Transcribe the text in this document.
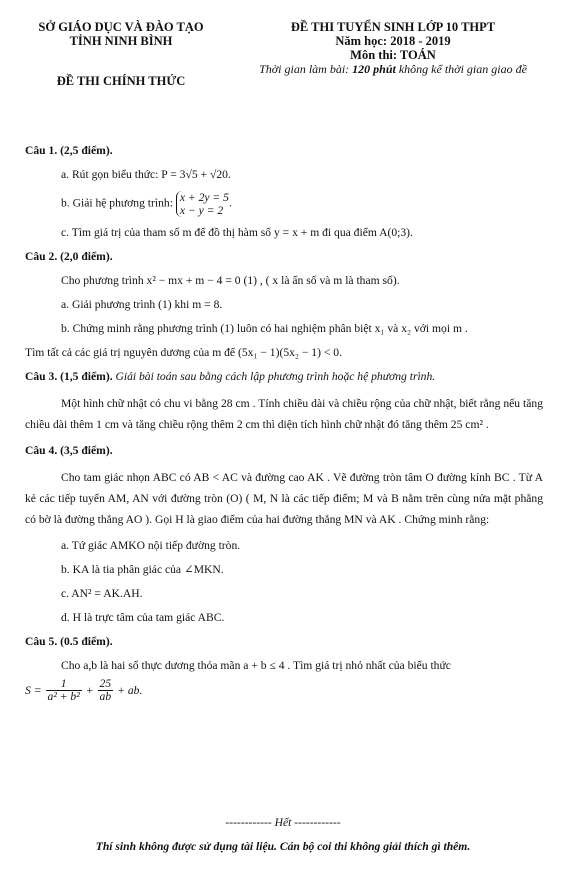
SỞ GIÁO DỤC VÀ ĐÀO TẠO
TỈNH NINH BÌNH
ĐỀ THI CHÍNH THỨC
ĐỀ THI TUYỂN SINH LỚP 10 THPT
Năm học: 2018 - 2019
Môn thi: TOÁN
Thời gian làm bài: 120 phút không kể thời gian giao đề

Câu 1. (2,5 điểm).

a. Rút gọn biểu thức: P = 3√5 + √20.

b. Giải hệ phương trình: x + 2y = 5
x − y = 2.

c. Tìm giá trị của tham số m để đồ thị hàm số y = x + m đi qua điểm A(0;3).

Câu 2. (2,0 điểm).

Cho phương trình x² − mx + m − 4 = 0 (1) , ( x là ẩn số và m là tham số).

a. Giải phương trình (1) khi m = 8.

b. Chứng minh rằng phương trình (1) luôn có hai nghiệm phân biệt x₁ và x₂ với mọi m .

Tìm tất cả các giá trị nguyên dương của m để (5x₁ − 1)(5x₂ − 1) < 0.

Câu 3. (1,5 điểm). Giải bài toán sau bằng cách lập phương trình hoặc hệ phương trình.

Một hình chữ nhật có chu vi bằng 28 cm . Tính chiều dài và chiều rộng của chữ nhật, biết rằng nếu tăng chiều dài thêm 1 cm và tăng chiều rộng thêm 2 cm thì diện tích hình chữ nhật đó tăng thêm 25 cm² .

Câu 4. (3,5 điểm).

Cho tam giác nhọn ABC có AB < AC và đường cao AK . Vẽ đường tròn tâm O đường kính BC . Từ A kẻ các tiếp tuyến AM, AN với đường tròn (O) ( M, N là các tiếp điểm; M và B nằm trên cùng nửa mặt phẳng có bờ là đường thẳng AO ). Gọi H là giao điểm của hai đường thẳng MN và AK . Chứng minh rằng:

a. Tứ giác AMKO nội tiếp đường tròn.

b. KA là tia phân giác của ∠MKN.

c. AN² = AK.AH.

d. H là trực tâm của tam giác ABC.

Câu 5. (0.5 điểm).

Cho a,b là hai số thực dương thỏa mãn a + b ≤ 4 . Tìm giá trị nhỏ nhất của biểu thức

$S = \frac{1}{\text{a² + b²}} + \frac{25}{ab}$ + ab.
------------ Hết ------------
Thí sinh không được sử dụng tài liệu. Cán bộ coi thi không giải thích gì thêm.
